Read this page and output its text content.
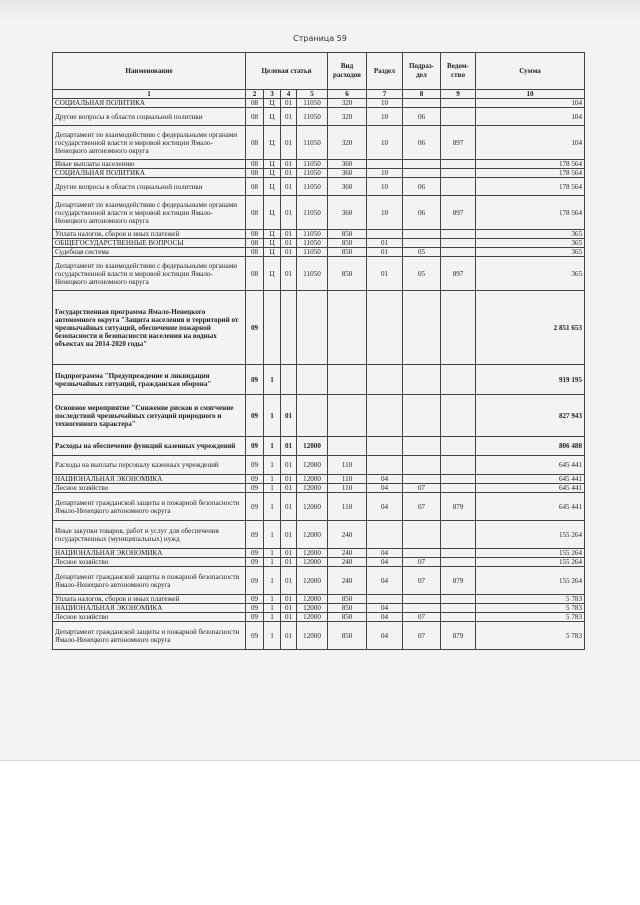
Страница 59
Наименование	Целевая статья				Вид расходов	Раздел	Подраз-дел	Ведом-ство	Сумма
1	2	3	4	5	6	7	8	9	10
СОЦИАЛЬНАЯ ПОЛИТИКА	08	Ц	01	11050	320	10			104
Другие вопросы в области социальной политики	08	Ц	01	11050	320	10	06		104
Департамент по взаимодействию с федеральными органами государственной власти и мировой юстиции Ямало-Ненецкого автономного округа	08	Ц	01	11050	320	10	06	897	104
Иные выплаты населению	08	Ц	01	11050	360				178 564
СОЦИАЛЬНАЯ ПОЛИТИКА	08	Ц	01	11050	360	10			178 564
Другие вопросы в области социальной политики	08	Ц	01	11050	360	10	06		178 564
Департамент по взаимодействию с федеральными органами государственной власти и мировой юстиции Ямало-Ненецкого автономного округа	08	Ц	01	11050	360	10	06	897	178 564
Уплата налогов, сборов и иных платежей	08	Ц	01	11050	850				365
ОБЩЕГОСУДАРСТВЕННЫЕ ВОПРОСЫ	08	Ц	01	11050	850	01			365
Судебная система	08	Ц	01	11050	850	01	05		365
Департамент по взаимодействию с федеральными органами государственной власти и мировой юстиции Ямало-Ненецкого автономного округа	08	Ц	01	11050	850	01	05	897	365
Государственная программа Ямало-Ненецкого автономного округа "Защита населения и территорий от чрезвычайных ситуаций, обеспечение пожарной безопасности и безопасности населения на водных объектах на 2014-2020 годы"	09								2 851 653
Подпрограмма "Предупреждение и ликвидация чрезвычайных ситуаций, гражданская оборона"	09	1							919 195
Основное мероприятие "Снижение рисков и смягчение последствий чрезвычайных ситуаций природного и техногенного характера"	09	1	01						827 943
Расходы на обеспечение функций казенных учреждений	09	1	01	12000					806 488
Расходы на выплаты персоналу казенных учреждений	09	1	01	12000	110				645 441
НАЦИОНАЛЬНАЯ ЭКОНОМИКА	09	1	01	12000	110	04			645 441
Лесное хозяйство	09	1	01	12000	110	04	07		645 441
Департамент гражданской защиты и пожарной безопасности Ямало-Ненецкого автономного округа	09	1	01	12000	110	04	07	879	645 441
Иные закупки товаров, работ и услуг для обеспечения государственных (муниципальных) нужд	09	1	01	12000	240				155 264
НАЦИОНАЛЬНАЯ ЭКОНОМИКА	09	1	01	12000	240	04			155 264
Лесное хозяйство	09	1	01	12000	240	04	07		155 264
Департамент гражданской защиты и пожарной безопасности Ямало-Ненецкого автономного округа	09	1	01	12000	240	04	07	879	155 264
Уплата налогов, сборов и иных платежей	09	1	01	12000	850				5 783
НАЦИОНАЛЬНАЯ ЭКОНОМИКА	09	1	01	12000	850	04			5 783
Лесное хозяйство	09	1	01	12000	850	04	07		5 783
Департамент гражданской защиты и пожарной безопасности Ямало-Ненецкого автономного округа	09	1	01	12000	850	04	07	879	5 783
